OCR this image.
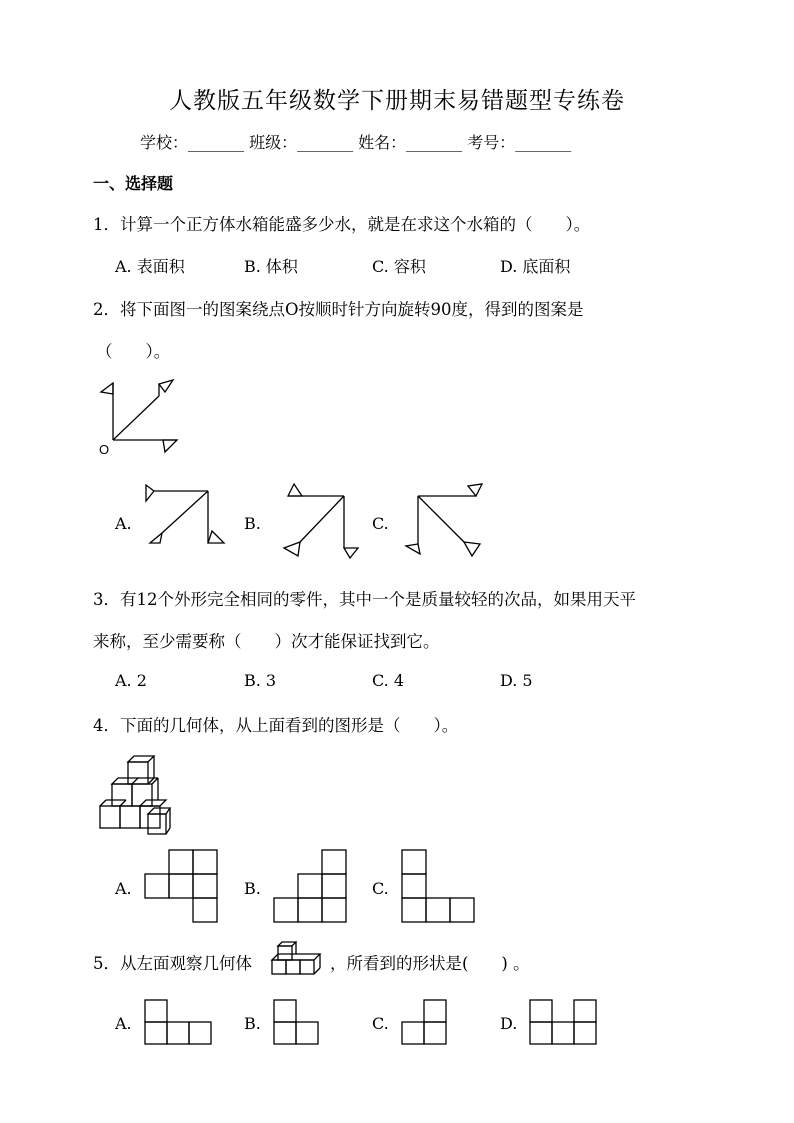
人教版五年级数学下册期末易错题型专练卷
学校：_______ 班级：_______ 姓名：_______ 考号：_______
一、选择题
1．计算一个正方体水箱能盛多少水，就是在求这个水箱的（　　）。
A. 表面积	B. 体积	C. 容积	D. 底面积
2．将下面图一的图案绕点O按顺时针方向旋转90度，得到的图案是
（　　）。
O
A.	B.	C.
3．有12个外形完全相同的零件，其中一个是质量较轻的次品，如果用天平
来称，至少需要称（　　）次才能保证找到它。
A. 2	B. 3	C. 4	D. 5
4．下面的几何体，从上面看到的图形是（　　）。
A.	B.	C.
5．从左面观察几何体	，所看到的形状是(　　) 。
A.	B.	C.	D.
